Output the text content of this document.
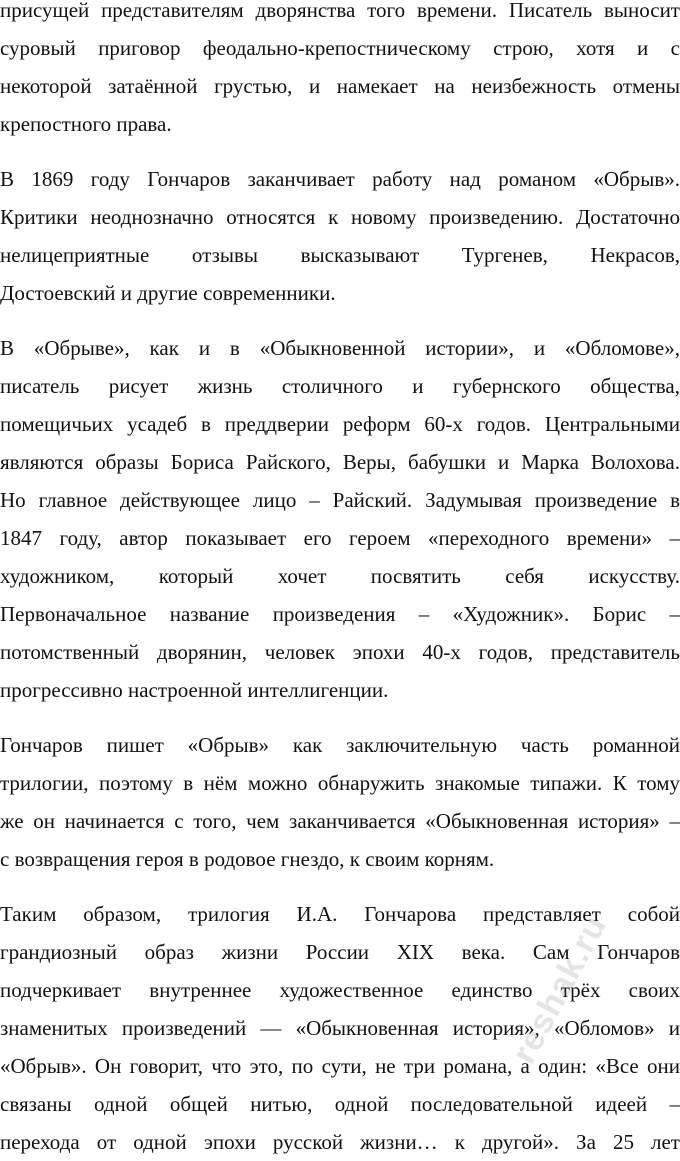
присущей представителям дворянства того времени. Писатель выносит
суровый приговор феодально-крепостническому строю, хотя и с
некоторой затаённой грустью, и намекает на неизбежность отмены
крепостного права.
В 1869 году Гончаров заканчивает работу над романом «Обрыв».
Критики неоднозначно относятся к новому произведению. Достаточно
нелицеприятные отзывы высказывают Тургенев, Некрасов,
Достоевский и другие современники.
В «Обрыве», как и в «Обыкновенной истории», и «Обломове»,
писатель рисует жизнь столичного и губернского общества,
помещичьих усадеб в преддверии реформ 60-х годов. Центральными
являются образы Бориса Райского, Веры, бабушки и Марка Волохова.
Но главное действующее лицо – Райский. Задумывая произведение в
1847 году, автор показывает его героем «переходного времени» –
художником, который хочет посвятить себя искусству.
Первоначальное название произведения – «Художник». Борис –
потомственный дворянин, человек эпохи 40-х годов, представитель
прогрессивно настроенной интеллигенции.
Гончаров пишет «Обрыв» как заключительную часть романной
трилогии, поэтому в нём можно обнаружить знакомые типажи. К тому
же он начинается с того, чем заканчивается «Обыкновенная история» –
с возвращения героя в родовое гнездо, к своим корням.
Таким образом, трилогия И.А. Гончарова представляет собой
грандиозный образ жизни России XIX века. Сам Гончаров
подчеркивает внутреннее художественное единство трёх своих
знаменитых произведений — «Обыкновенная история», «Обломов» и
«Обрыв». Он говорит, что это, по сути, не три романа, а один: «Все они
связаны одной общей нитью, одной последовательной идеей –
перехода от одной эпохи русской жизни… к другой». За 25 лет
reshak.ru
